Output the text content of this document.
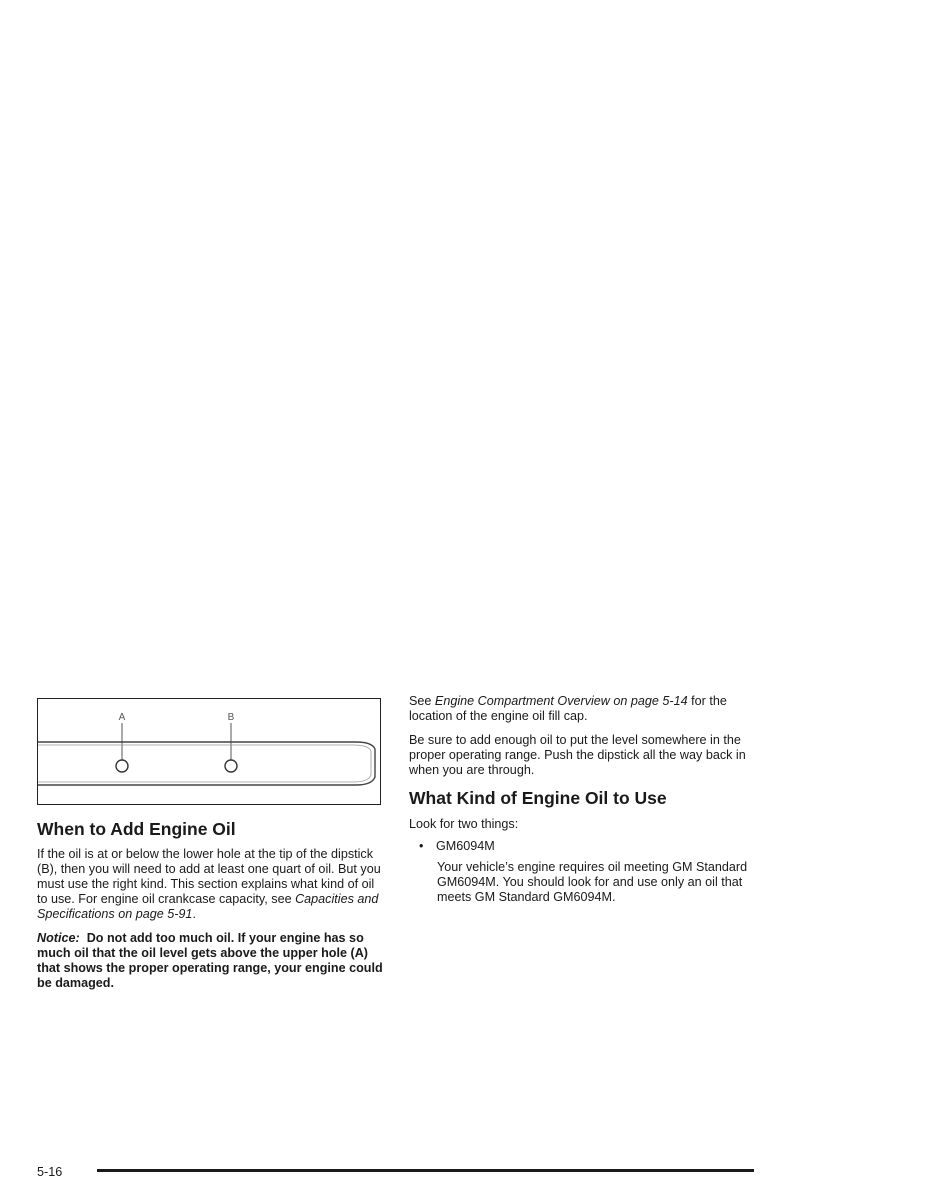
A	B
When to Add Engine Oil

If the oil is at or below the lower hole at the tip of the dipstick (B), then you will need to add at least one quart of oil. But you must use the right kind. This section explains what kind of oil to use. For engine oil crankcase capacity, see Capacities and Specifications on page 5-91.

Notice: Do not add too much oil. If your engine has so much oil that the oil level gets above the upper hole (A) that shows the proper operating range, your engine could be damaged.

See Engine Compartment Overview on page 5-14 for the location of the engine oil fill cap.

Be sure to add enough oil to put the level somewhere in the proper operating range. Push the dipstick all the way back in when you are through.

What Kind of Engine Oil to Use

Look for two things:

• GM6094M

Your vehicle’s engine requires oil meeting GM Standard GM6094M. You should look for and use only an oil that meets GM Standard GM6094M.

5-16
